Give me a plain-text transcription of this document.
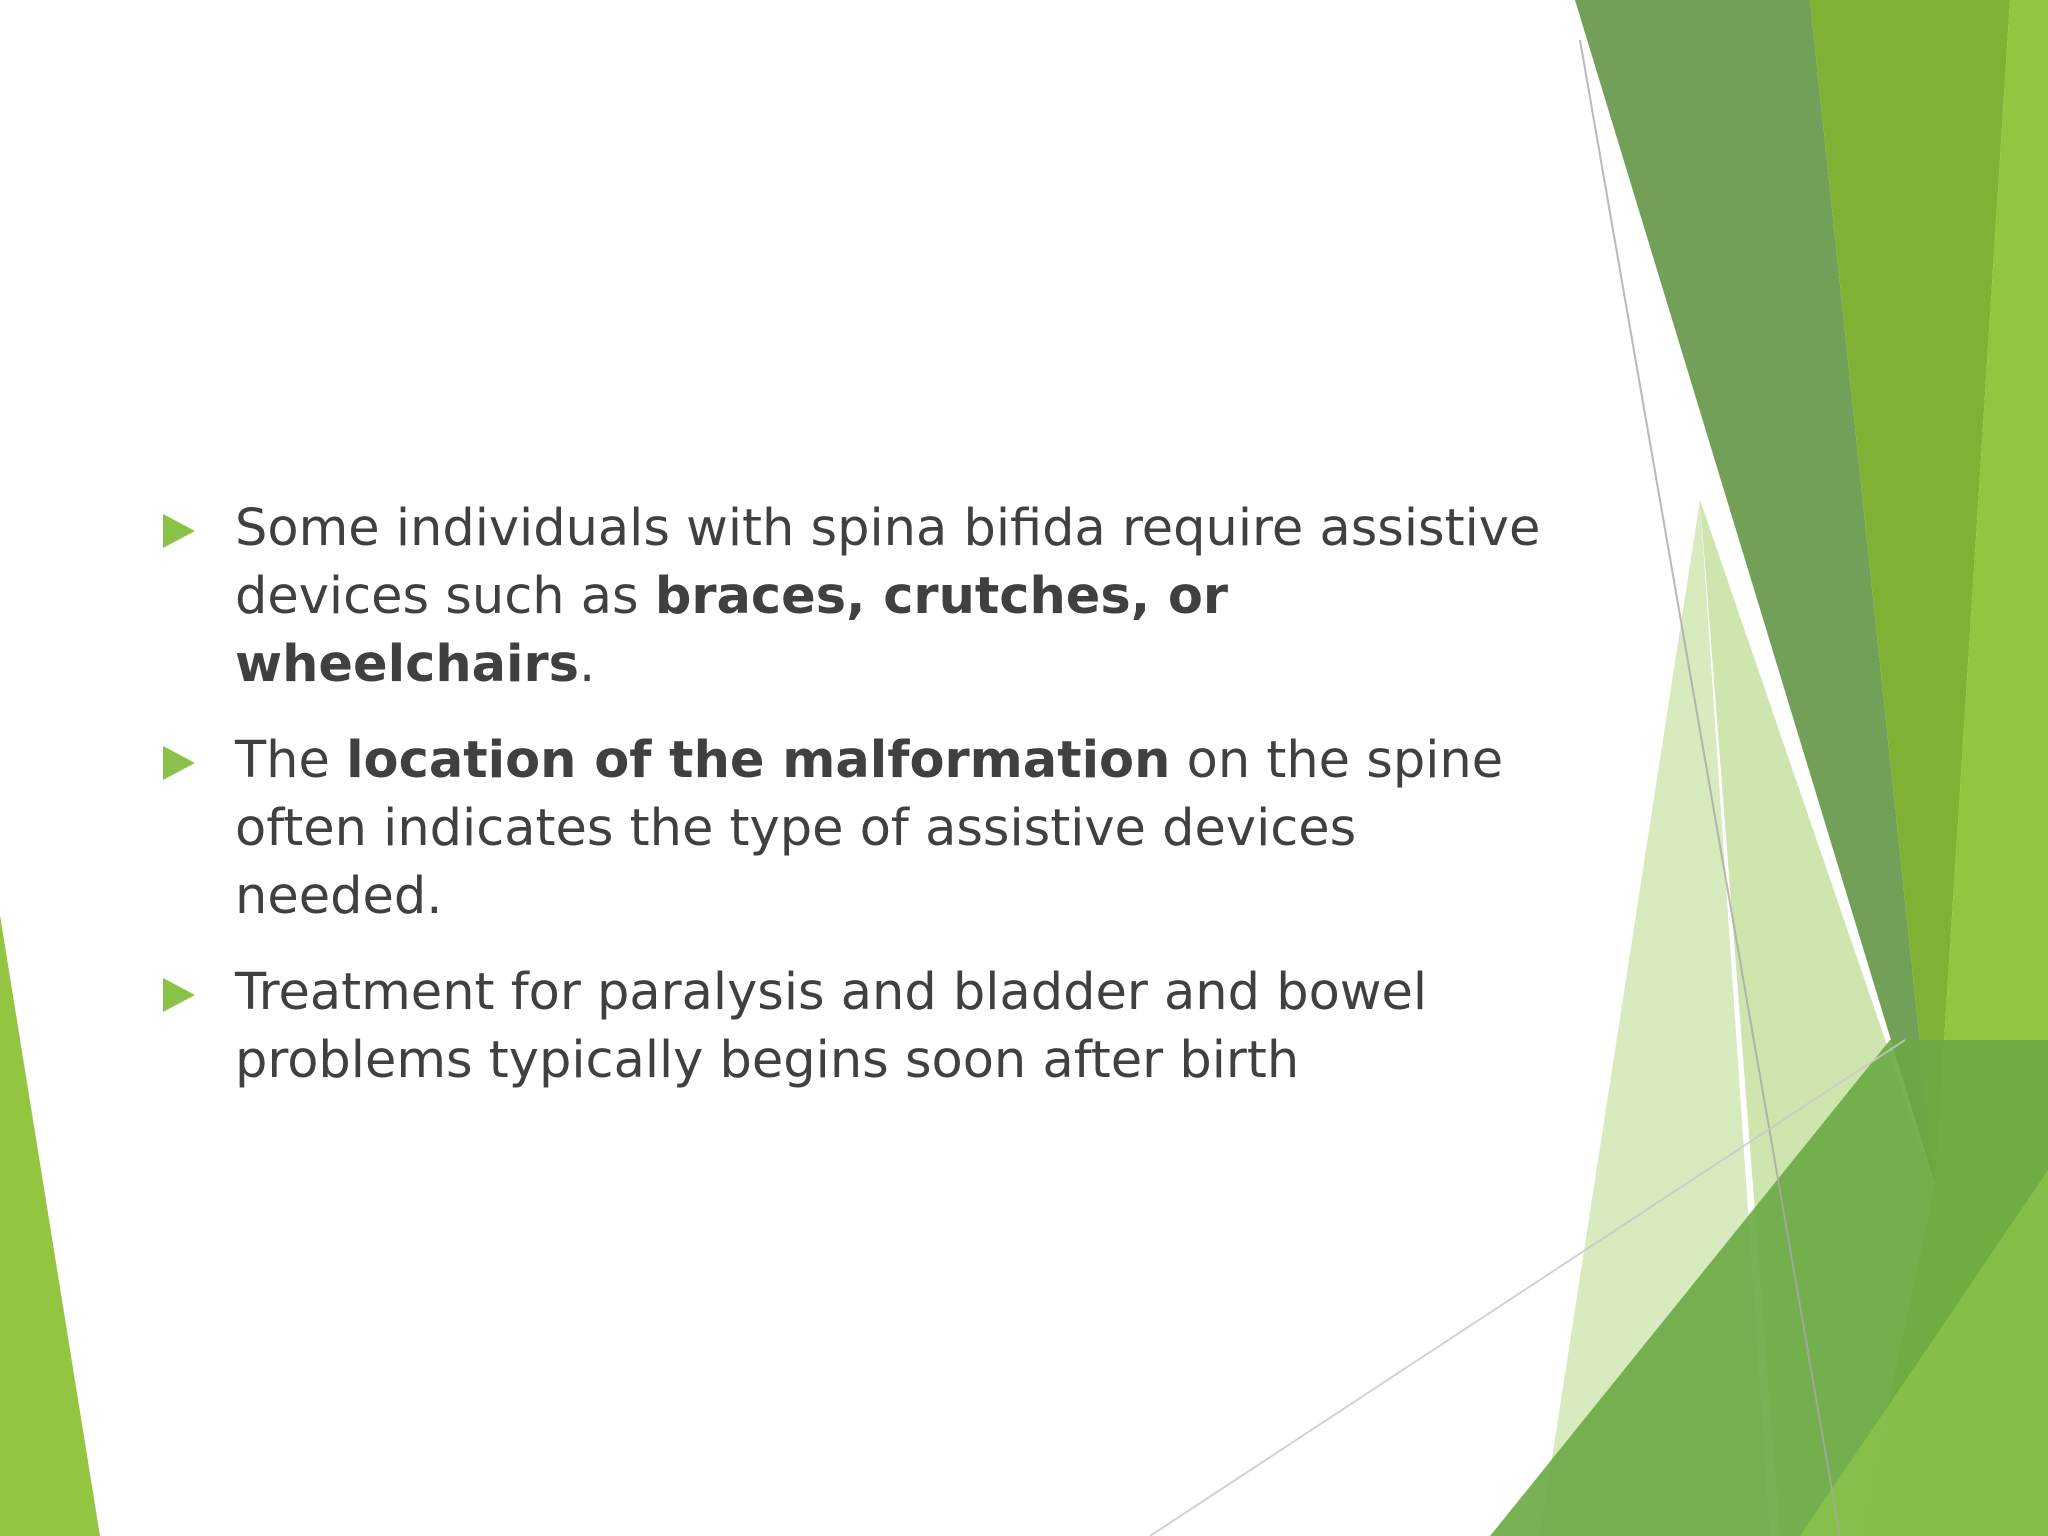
Some individuals with spina bifida require assistive devices such as braces, crutches, or wheelchairs.
The location of the malformation on the spine often indicates the type of assistive devices needed.
Treatment for paralysis and bladder and bowel problems typically begins soon after birth
